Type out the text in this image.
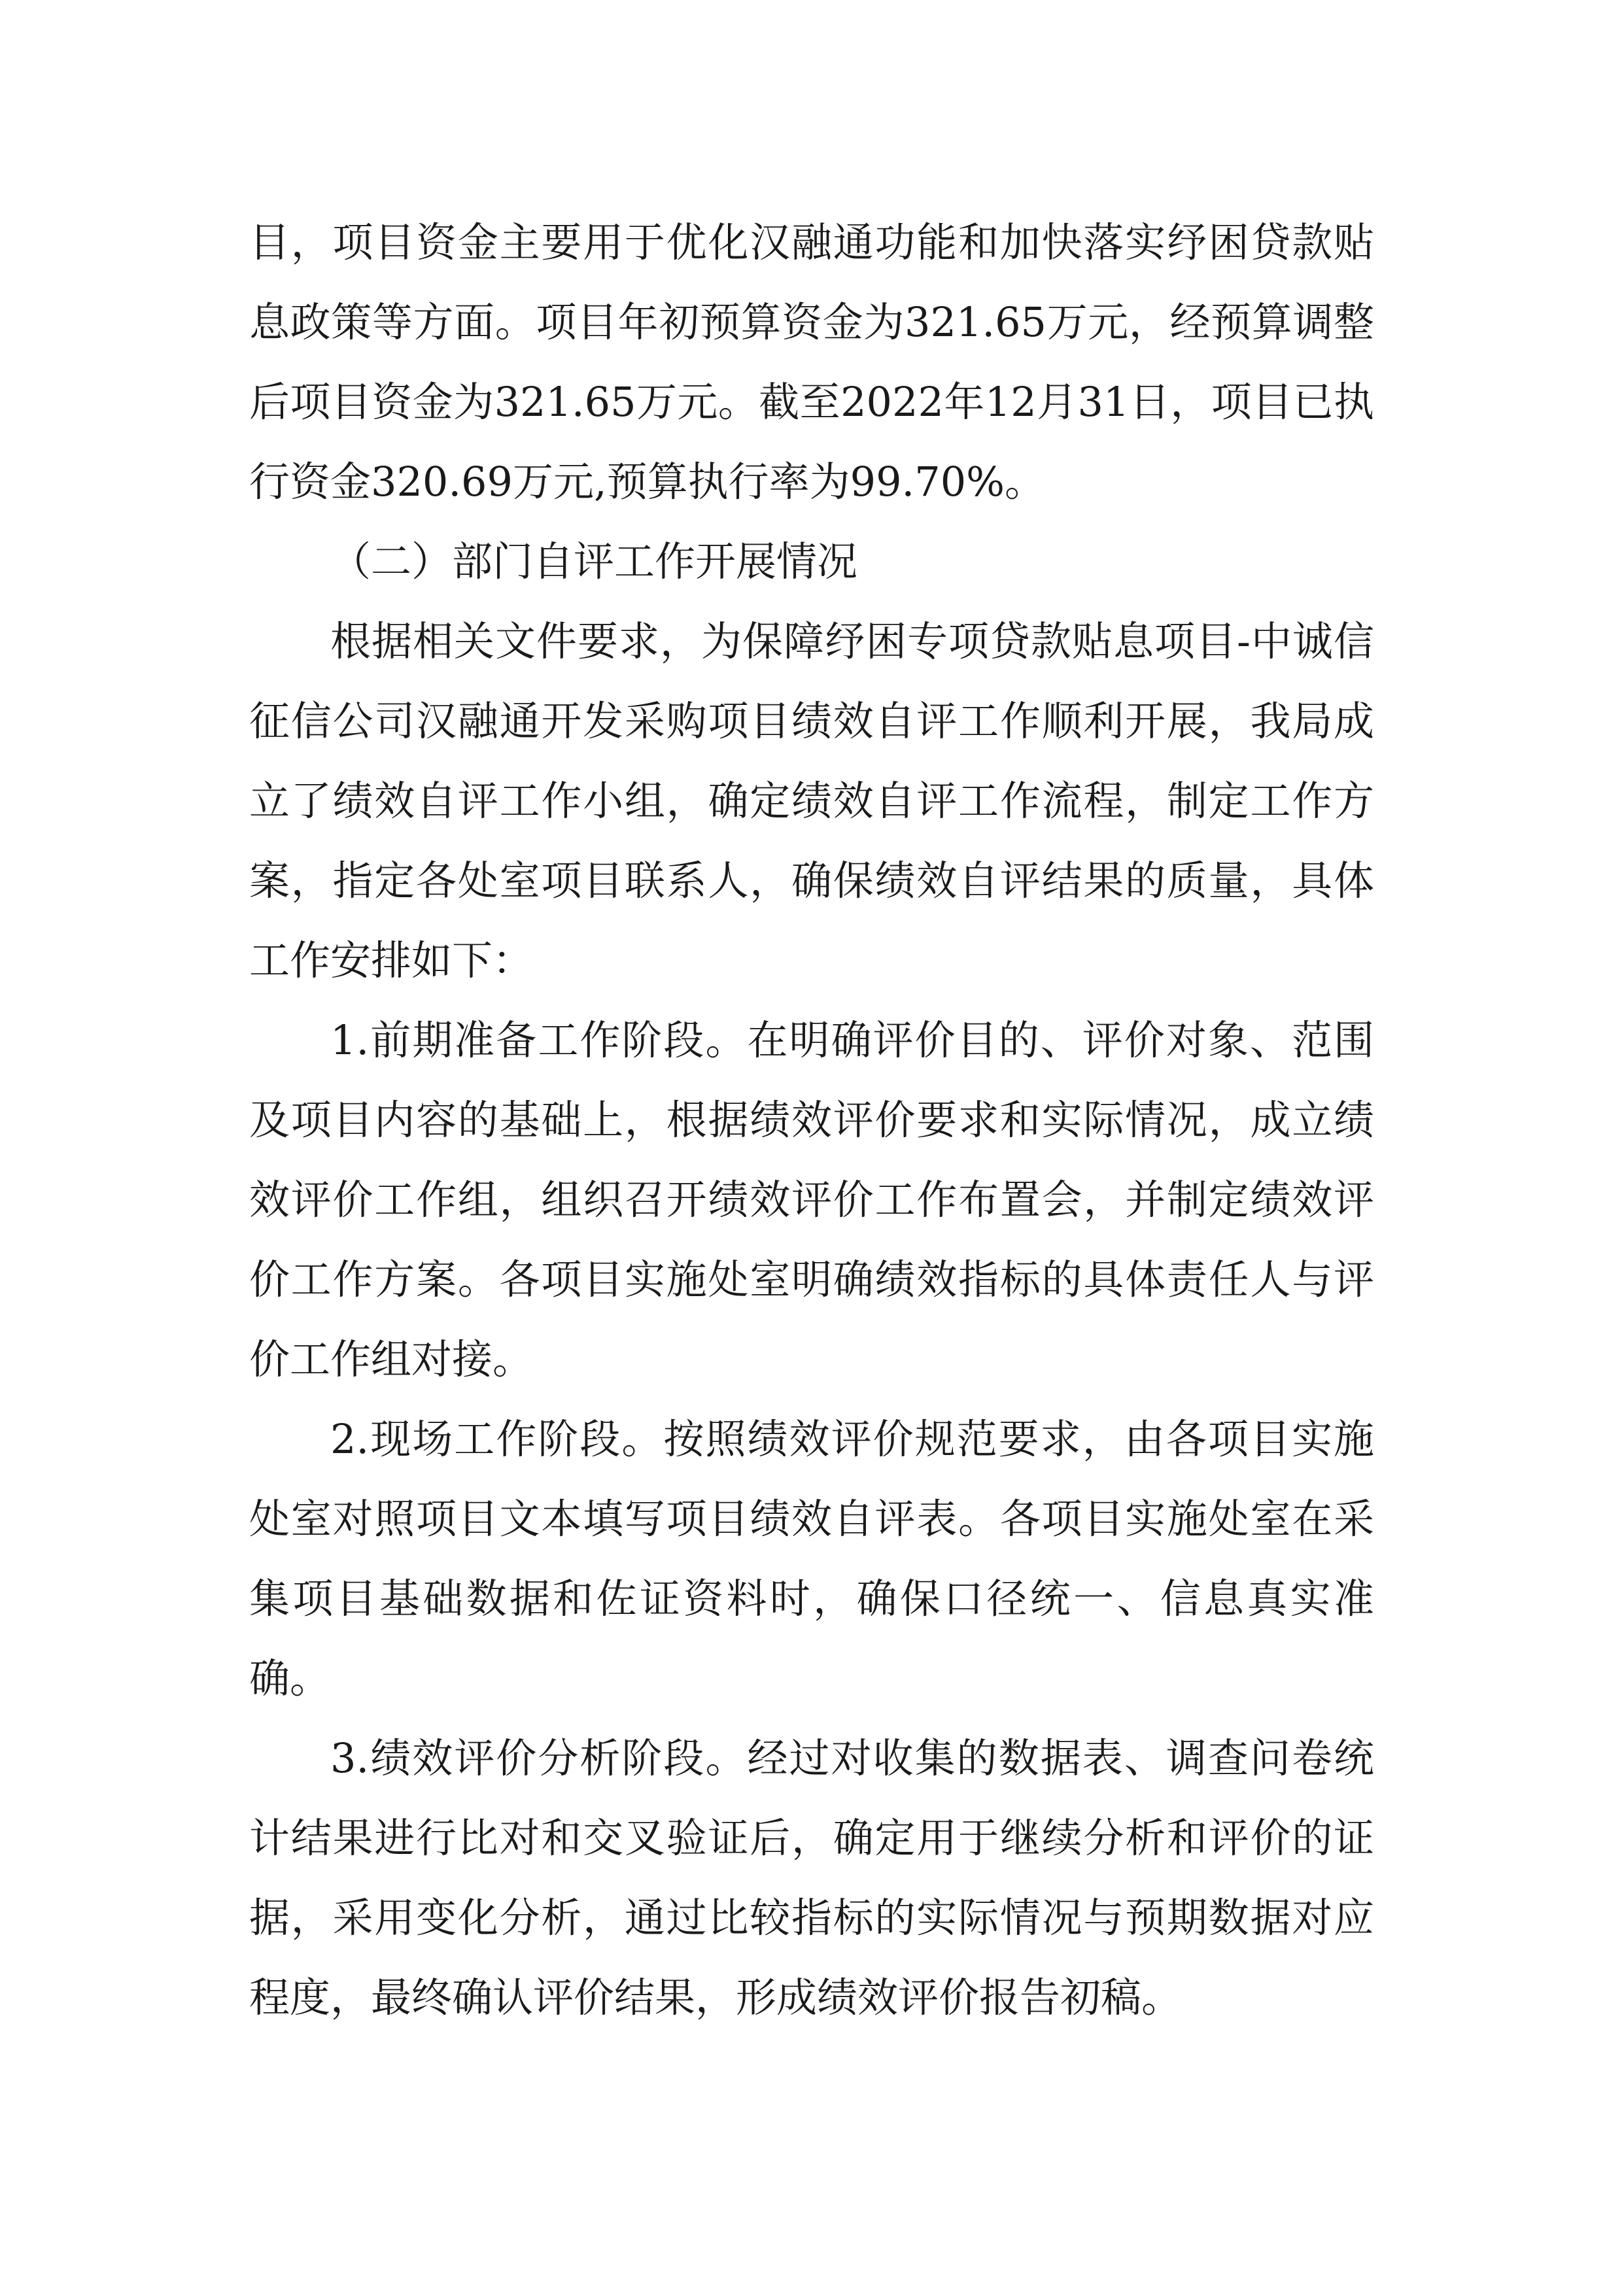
目，项目资金主要用于优化汉融通功能和加快落实纾困贷款贴息政策等方面。项目年初预算资金为321.65万元，经预算调整后项目资金为321.65万元。截至2022年12月31日，项目已执行资金320.69万元,预算执行率为99.70%。

（二）部门自评工作开展情况

根据相关文件要求，为保障纾困专项贷款贴息项目-中诚信征信公司汉融通开发采购项目绩效自评工作顺利开展，我局成立了绩效自评工作小组，确定绩效自评工作流程，制定工作方案，指定各处室项目联系人，确保绩效自评结果的质量，具体工作安排如下：

1.前期准备工作阶段。在明确评价目的、评价对象、范围及项目内容的基础上，根据绩效评价要求和实际情况，成立绩效评价工作组，组织召开绩效评价工作布置会，并制定绩效评价工作方案。各项目实施处室明确绩效指标的具体责任人与评价工作组对接。

2.现场工作阶段。按照绩效评价规范要求，由各项目实施处室对照项目文本填写项目绩效自评表。各项目实施处室在采集项目基础数据和佐证资料时，确保口径统一、信息真实准确。

3.绩效评价分析阶段。经过对收集的数据表、调查问卷统计结果进行比对和交叉验证后，确定用于继续分析和评价的证据，采用变化分析，通过比较指标的实际情况与预期数据对应程度，最终确认评价结果，形成绩效评价报告初稿。
